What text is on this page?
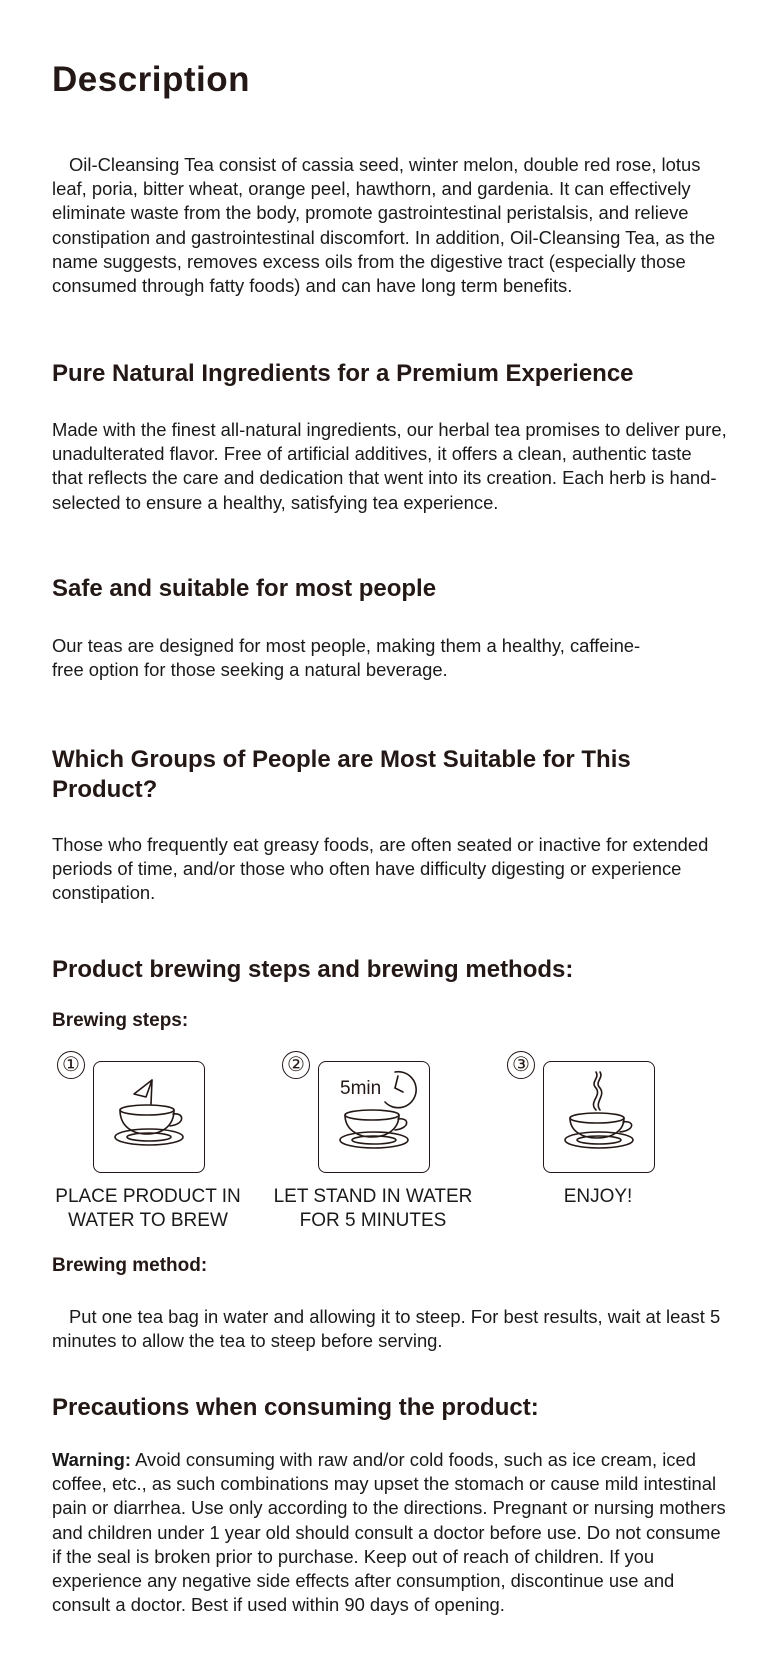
Description
Oil-Cleansing Tea consist of cassia seed, winter melon, double red rose, lotus leaf, poria, bitter wheat, orange peel, hawthorn, and gardenia. It can effectively eliminate waste from the body, promote gastrointestinal peristalsis, and relieve constipation and gastrointestinal discomfort. In addition, Oil-Cleansing Tea, as the name suggests, removes excess oils from the digestive tract (especially those consumed through fatty foods) and can have long term benefits.
Pure Natural Ingredients for a Premium Experience
Made with the finest all-natural ingredients, our herbal tea promises to deliver pure, unadulterated flavor. Free of artificial additives, it offers a clean, authentic taste that reflects the care and dedication that went into its creation. Each herb is hand-selected to ensure a healthy, satisfying tea experience.
Safe and suitable for most people
Our teas are designed for most people, making them a healthy, caffeine-free option for those seeking a natural beverage.
Which Groups of People are Most Suitable for This Product?
Those who frequently eat greasy foods, are often seated or inactive for extended periods of time, and/or those who often have difficulty digesting or experience constipation.
Product brewing steps and brewing methods:
Brewing steps:
①
PLACE PRODUCT IN WATER TO BREW
②
5min
LET STAND IN WATER FOR 5 MINUTES
③
ENJOY!
Brewing method:
Put one tea bag in water and allowing it to steep. For best results, wait at least 5 minutes to allow the tea to steep before serving.
Precautions when consuming the product:
Warning: Avoid consuming with raw and/or cold foods, such as ice cream, iced coffee, etc., as such combinations may upset the stomach or cause mild intestinal pain or diarrhea. Use only according to the directions. Pregnant or nursing mothers and children under 1 year old should consult a doctor before use. Do not consume if the seal is broken prior to purchase. Keep out of reach of children. If you experience any negative side effects after consumption, discontinue use and consult a doctor. Best if used within 90 days of opening.
